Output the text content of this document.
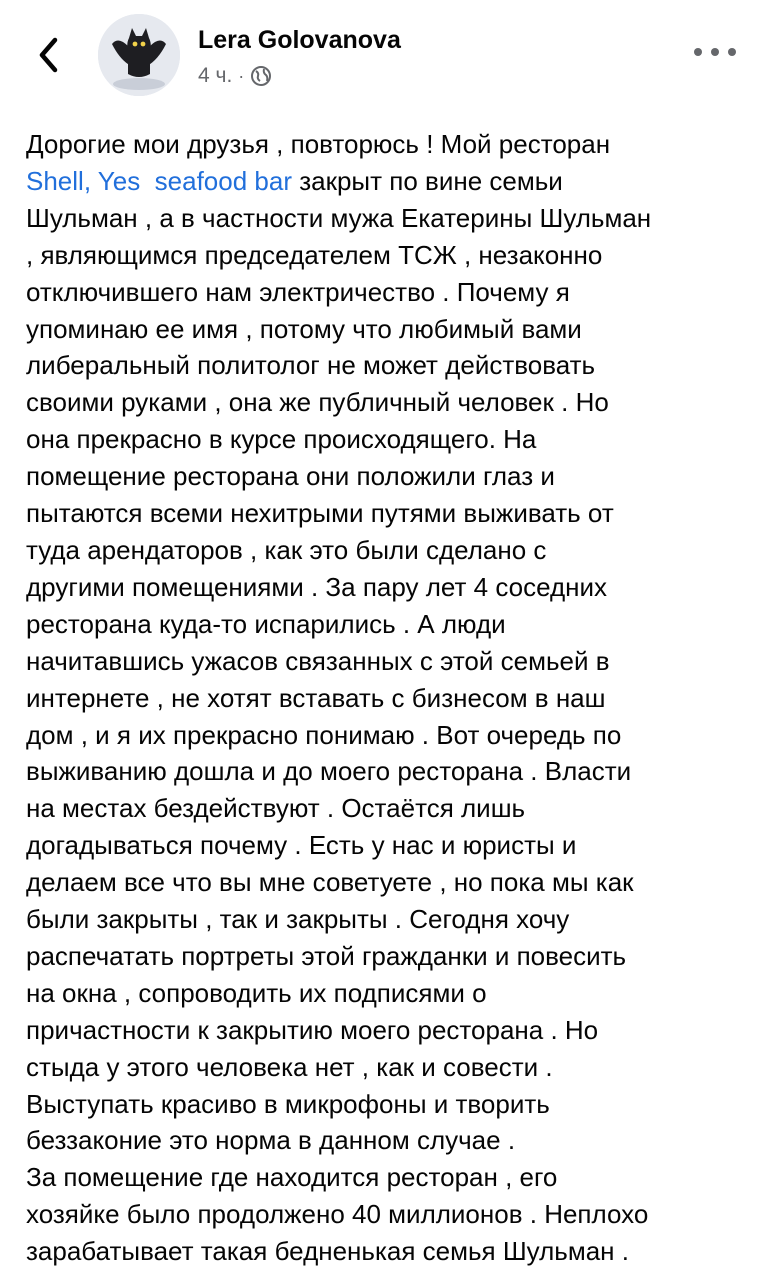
Lera Golovanova
4 ч. ·
Дорогие мои друзья , повторюсь ! Мой ресторан
Shell, Yes  seafood bar закрыт по вине семьи
Шульман , а в частности мужа Екатерины Шульман
, являющимся председателем ТСЖ , незаконно
отключившего нам электричество . Почему я
упоминаю ее имя , потому что любимый вами
либеральный политолог не может действовать
своими руками , она же публичный человек . Но
она прекрасно в курсе происходящего. На
помещение ресторана они положили глаз и
пытаются всеми нехитрыми путями выживать от
туда арендаторов , как это были сделано с
другими помещениями . За пару лет 4 соседних
ресторана куда-то испарились . А люди
начитавшись ужасов связанных с этой семьей в
интернете , не хотят вставать с бизнесом в наш
дом , и я их прекрасно понимаю . Вот очередь по
выживанию дошла и до моего ресторана . Власти
на местах бездействуют . Остаётся лишь
догадываться почему . Есть у нас и юристы и
делаем все что вы мне советуете , но пока мы как
были закрыты , так и закрыты . Сегодня хочу
распечатать портреты этой гражданки и повесить
на окна , сопроводить их подписями о
причастности к закрытию моего ресторана . Но
стыда у этого человека нет , как и совести .
Выступать красиво в микрофоны и творить
беззаконие это норма в данном случае .
За помещение где находится ресторан , его
хозяйке было продолжено 40 миллионов . Неплохо
зарабатывает такая бедненькая семья Шульман .
